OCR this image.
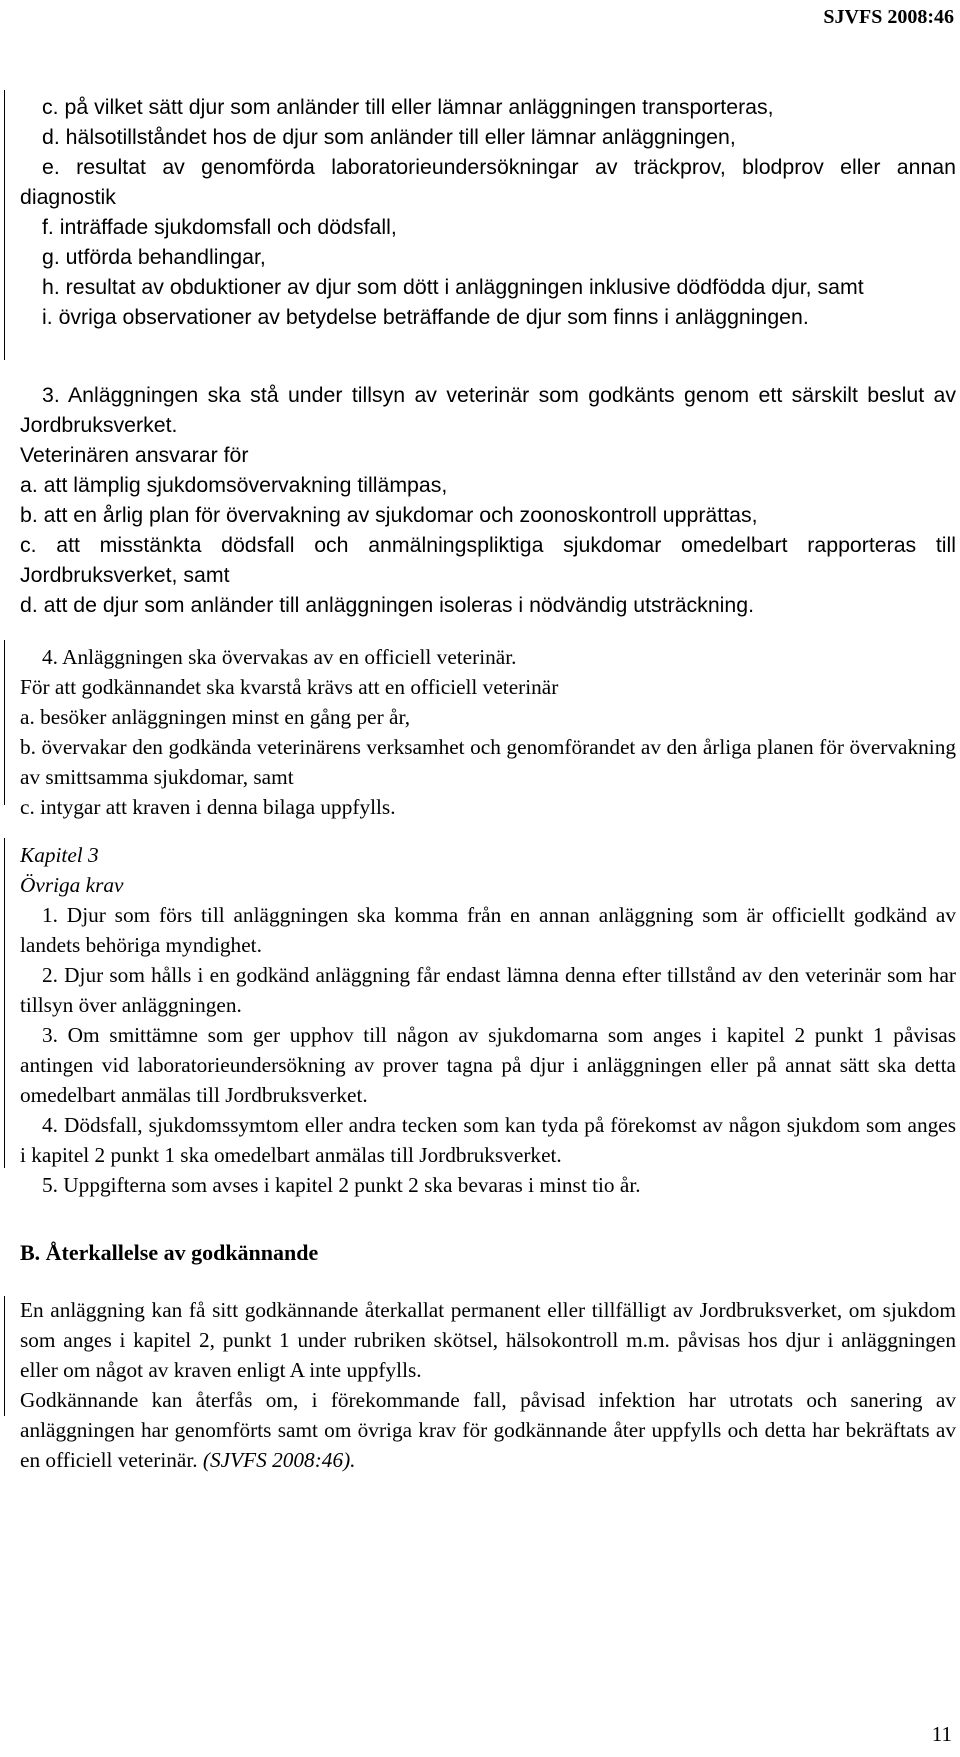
SJVFS 2008:46

c. på vilket sätt djur som anländer till eller lämnar anläggningen transporteras,

d. hälsotillståndet hos de djur som anländer till eller lämnar anläggningen,

e. resultat av genomförda laboratorieundersökningar av träckprov, blodprov eller annan diagnostik

f. inträffade sjukdomsfall och dödsfall,

g. utförda behandlingar,

h. resultat av obduktioner av djur som dött i anläggningen inklusive dödfödda djur, samt

i. övriga observationer av betydelse beträffande de djur som finns i anläggningen.

3. Anläggningen ska stå under tillsyn av veterinär som godkänts genom ett särskilt beslut av Jordbruksverket.

Veterinären ansvarar för

a. att lämplig sjukdomsövervakning tillämpas,

b. att en årlig plan för övervakning av sjukdomar och zoonoskontroll upprättas,

c. att misstänkta dödsfall och anmälningspliktiga sjukdomar omedelbart rapporteras till Jordbruksverket, samt

d. att de djur som anländer till anläggningen isoleras i nödvändig utsträckning.

4. Anläggningen ska övervakas av en officiell veterinär.

För att godkännandet ska kvarstå krävs att en officiell veterinär

a. besöker anläggningen minst en gång per år,

b. övervakar den godkända veterinärens verksamhet och genomförandet av den årliga planen för övervakning av smittsamma sjukdomar, samt

c. intygar att kraven i denna bilaga uppfylls.

Kapitel 3

Övriga krav

1. Djur som förs till anläggningen ska komma från en annan anläggning som är officiellt godkänd av landets behöriga myndighet.

2. Djur som hålls i en godkänd anläggning får endast lämna denna efter tillstånd av den veterinär som har tillsyn över anläggningen.

3. Om smittämne som ger upphov till någon av sjukdomarna som anges i kapitel 2 punkt 1 påvisas antingen vid laboratorieundersökning av prover tagna på djur i anläggningen eller på annat sätt ska detta omedelbart anmälas till Jordbruksverket.

4. Dödsfall, sjukdomssymtom eller andra tecken som kan tyda på förekomst av någon sjukdom som anges i kapitel 2 punkt 1 ska omedelbart anmälas till Jordbruksverket.

5. Uppgifterna som avses i kapitel 2 punkt 2 ska bevaras i minst tio år.

B. Återkallelse av godkännande

En anläggning kan få sitt godkännande återkallat permanent eller tillfälligt av Jordbruksverket, om sjukdom som anges i kapitel 2, punkt 1 under rubriken skötsel, hälsokontroll m.m. påvisas hos djur i anläggningen eller om något av kraven enligt A inte uppfylls.

Godkännande kan återfås om, i förekommande fall, påvisad infektion har utrotats och sanering av anläggningen har genomförts samt om övriga krav för godkännande åter uppfylls och detta har bekräftats av en officiell veterinär. (SJVFS 2008:46).

11
